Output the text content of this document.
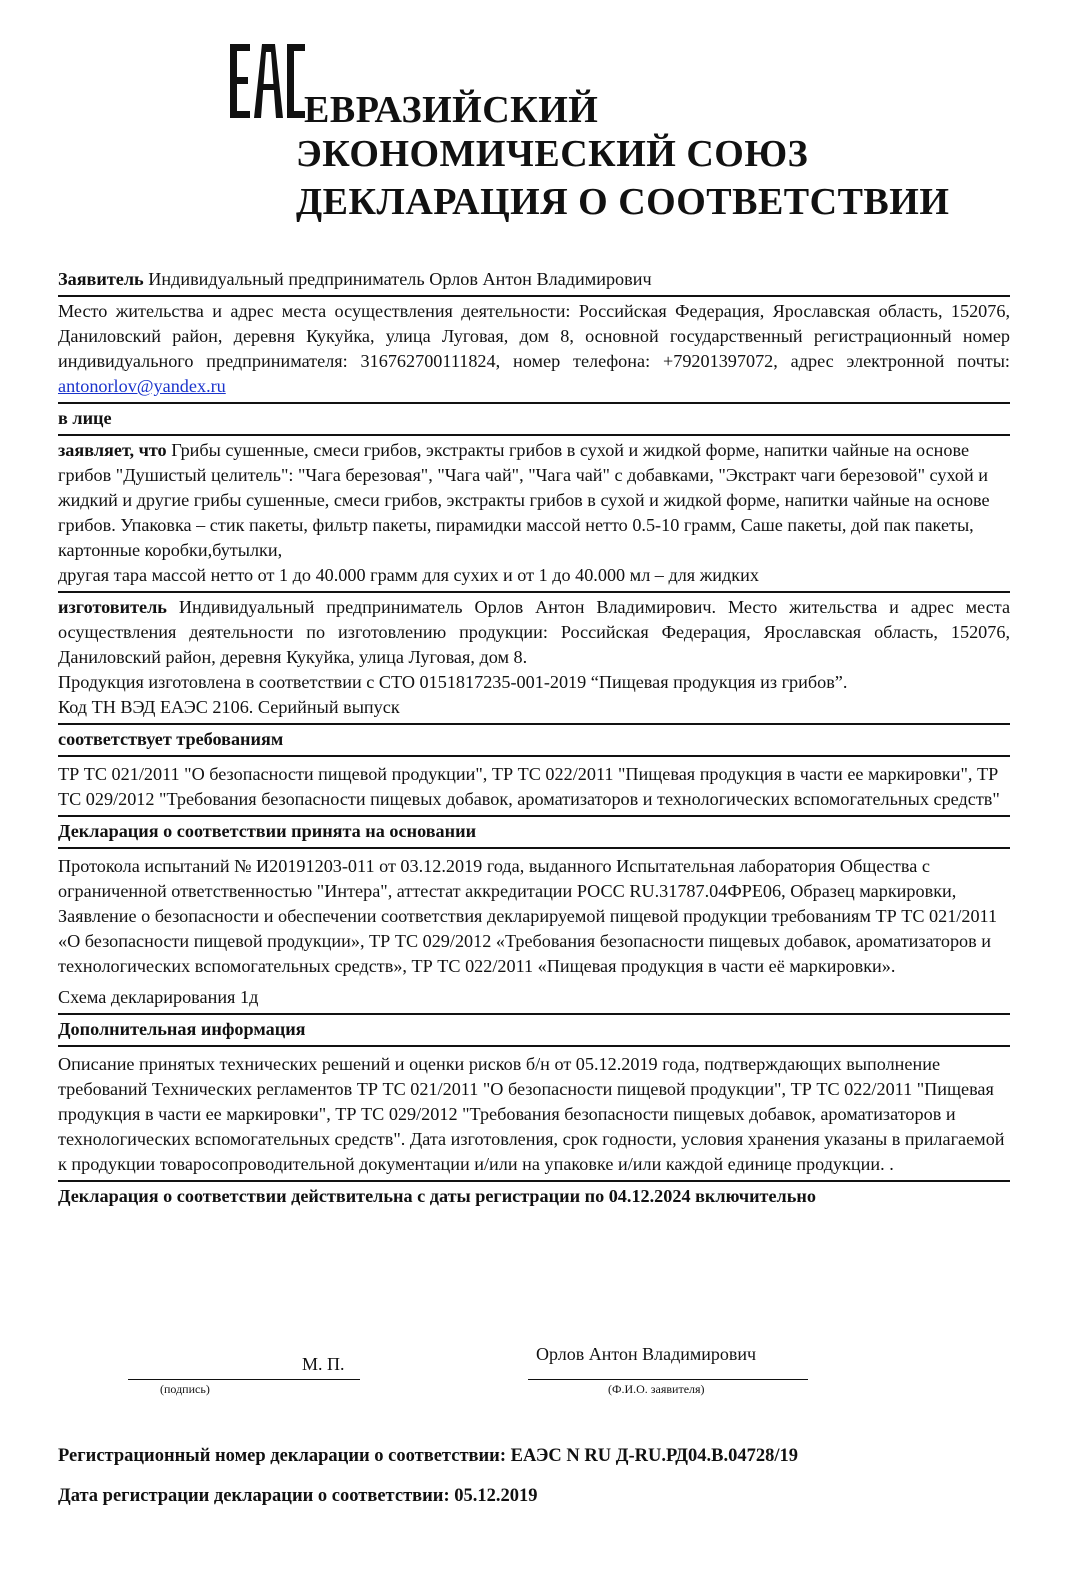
ЕВРАЗИЙСКИЙ
ЭКОНОМИЧЕСКИЙ СОЮЗ
ДЕКЛАРАЦИЯ О СООТВЕТСТВИИ
Заявитель Индивидуальный предприниматель Орлов Антон Владимирович
Место жительства и адрес места осуществления деятельности: Российская Федерация, Ярославская область, 152076, Даниловский район, деревня Кукуйка, улица Луговая, дом 8, основной государственный регистрационный номер индивидуального предпринимателя: 316762700111824, номер телефона: +79201397072, адрес электронной почты: antonorlov@yandex.ru
в лице
заявляет, что Грибы сушенные, смеси грибов, экстракты грибов в сухой и жидкой форме, напитки чайные на основе грибов "Душистый целитель": "Чага березовая", "Чага чай", "Чага чай" с добавками, "Экстракт чаги березовой" сухой и жидкий и другие грибы сушенные, смеси грибов, экстракты грибов в сухой и жидкой форме, напитки чайные на основе грибов. Упаковка – стик пакеты, фильтр пакеты, пирамидки массой нетто 0.5-10 грамм, Саше пакеты, дой пак пакеты, картонные коробки,бутылки,
другая тара массой нетто от 1 до 40.000 грамм для сухих и от 1 до 40.000 мл – для жидких
изготовитель Индивидуальный предприниматель Орлов Антон Владимирович. Место жительства и адрес места осуществления деятельности по изготовлению продукции: Российская Федерация, Ярославская область, 152076, Даниловский район, деревня Кукуйка, улица Луговая, дом 8.
Продукция изготовлена в соответствии с СТО 0151817235-001-2019 “Пищевая продукция из грибов”.
Код ТН ВЭД ЕАЭС 2106. Серийный выпуск
соответствует требованиям
ТР ТС 021/2011 "О безопасности пищевой продукции", ТР ТС 022/2011 "Пищевая продукция в части ее маркировки", ТР ТС 029/2012 "Требования безопасности пищевых добавок, ароматизаторов и технологических вспомогательных средств"
Декларация о соответствии принята на основании
Протокола испытаний № И20191203-011 от 03.12.2019 года, выданного Испытательная лаборатория Общества с ограниченной ответственностью "Интера", аттестат аккредитации РОСС RU.31787.04ФРЕ06, Образец маркировки, Заявление о безопасности и обеспечении соответствия декларируемой пищевой продукции требованиям ТР ТС 021/2011 «О безопасности пищевой продукции», ТР ТС 029/2012 «Требования безопасности пищевых добавок, ароматизаторов и технологических вспомогательных средств», ТР ТС 022/2011 «Пищевая продукция в части её маркировки».
Схема декларирования 1д
Дополнительная информация
Описание принятых технических решений и оценки рисков б/н от 05.12.2019 года, подтверждающих выполнение требований Технических регламентов ТР ТС 021/2011 "О безопасности пищевой продукции", ТР ТС 022/2011 "Пищевая продукция в части ее маркировки", ТР ТС 029/2012 "Требования безопасности пищевых добавок, ароматизаторов и технологических вспомогательных средств". Дата изготовления, срок годности, условия хранения указаны в прилагаемой к продукции товаросопроводительной документации и/или на упаковке и/или каждой единице продукции. .
Декларация о соответствии действительна с даты регистрации по 04.12.2024 включительно
М. П.	Орлов Антон Владимирович
(подпись)	(Ф.И.О. заявителя)
Регистрационный номер декларации о соответствии: ЕАЭС N RU Д-RU.РД04.В.04728/19
Дата регистрации декларации о соответствии: 05.12.2019
